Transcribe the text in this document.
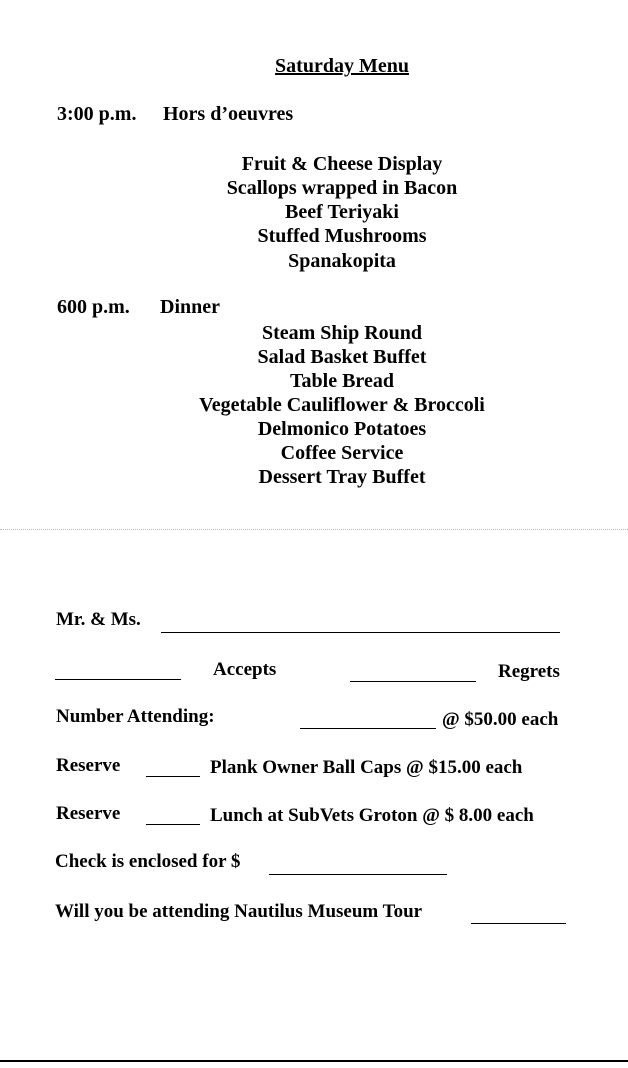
Saturday Menu
3:00 p.m. Hors d’oeuvres
Fruit & Cheese Display
Scallops wrapped in Bacon
Beef Teriyaki
Stuffed Mushrooms
Spanakopita
600 p.m. Dinner
Steam Ship Round
Salad Basket Buffet
Table Bread
Vegetable Cauliflower & Broccoli
Delmonico Potatoes
Coffee Service
Dessert Tray Buffet
Mr. & Ms.
Accepts	Regrets
Number Attending:	@ $50.00 each
Reserve	Plank Owner Ball Caps @ $15.00 each
Reserve	Lunch at SubVets Groton @ $ 8.00 each
Check is enclosed for $
Will you be attending Nautilus Museum Tour
